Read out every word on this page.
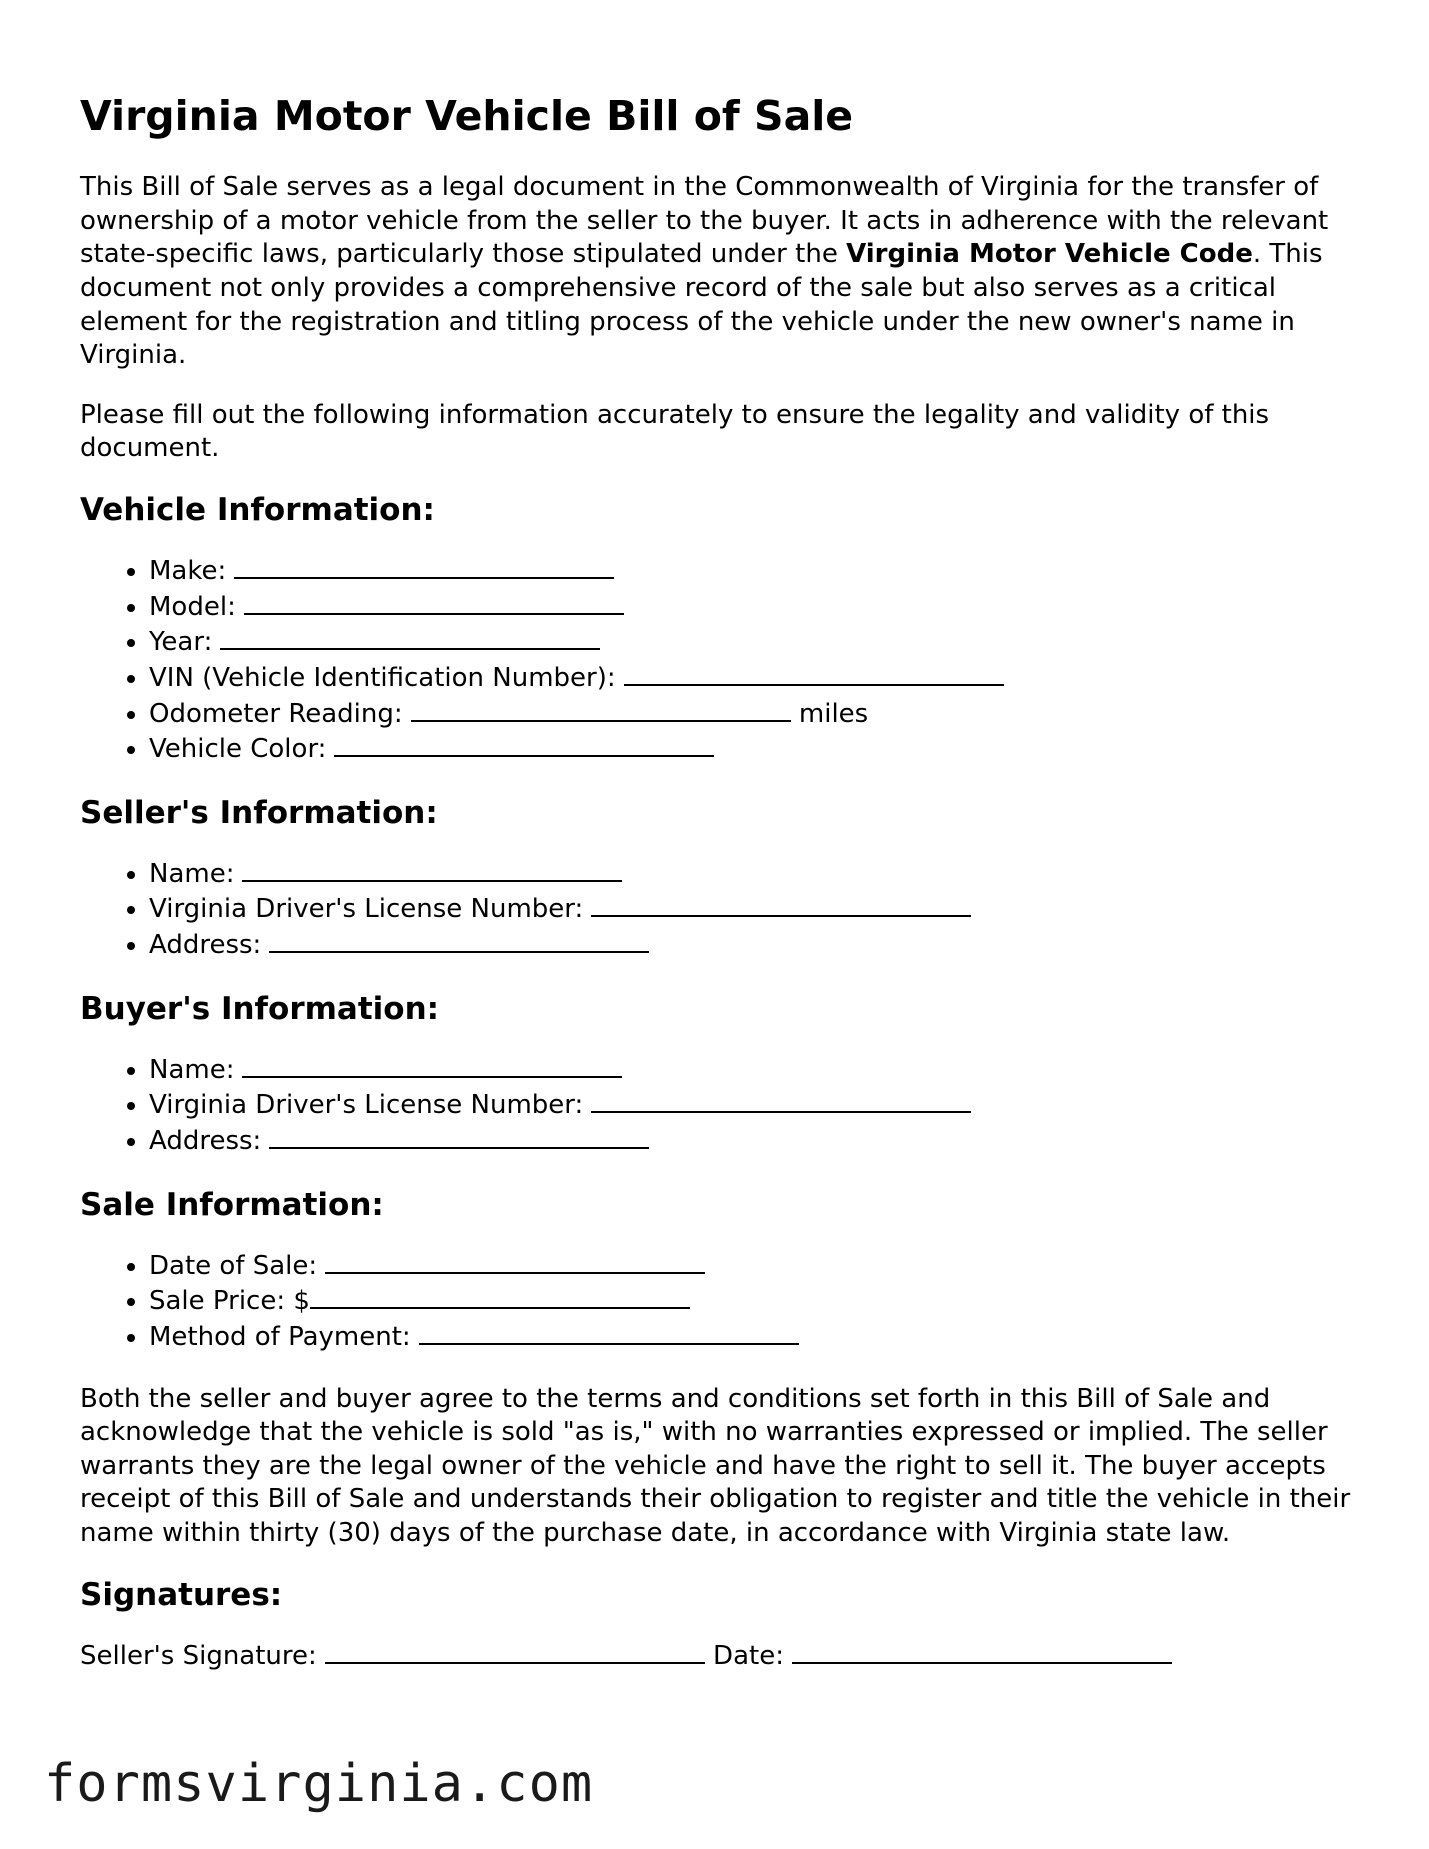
Virginia Motor Vehicle Bill of Sale

This Bill of Sale serves as a legal document in the Commonwealth of Virginia for the transfer of ownership of a motor vehicle from the seller to the buyer. It acts in adherence with the relevant state-specific laws, particularly those stipulated under the Virginia Motor Vehicle Code. This document not only provides a comprehensive record of the sale but also serves as a critical element for the registration and titling process of the vehicle under the new owner's name in Virginia.

Please fill out the following information accurately to ensure the legality and validity of this document.

Vehicle Information:
• Make:
• Model:
• Year:
• VIN (Vehicle Identification Number):
• Odometer Reading:	miles
• Vehicle Color:
Seller's Information:
• Name:
• Virginia Driver's License Number:
• Address:
Buyer's Information:
• Name:
• Virginia Driver's License Number:
• Address:
Sale Information:
• Date of Sale:
• Sale Price: $
• Method of Payment:

Both the seller and buyer agree to the terms and conditions set forth in this Bill of Sale and acknowledge that the vehicle is sold "as is," with no warranties expressed or implied. The seller warrants they are the legal owner of the vehicle and have the right to sell it. The buyer accepts receipt of this Bill of Sale and understands their obligation to register and title the vehicle in their name within thirty (30) days of the purchase date, in accordance with Virginia state law.

Signatures:
Seller's Signature:	Date:
formsvirginia.com
